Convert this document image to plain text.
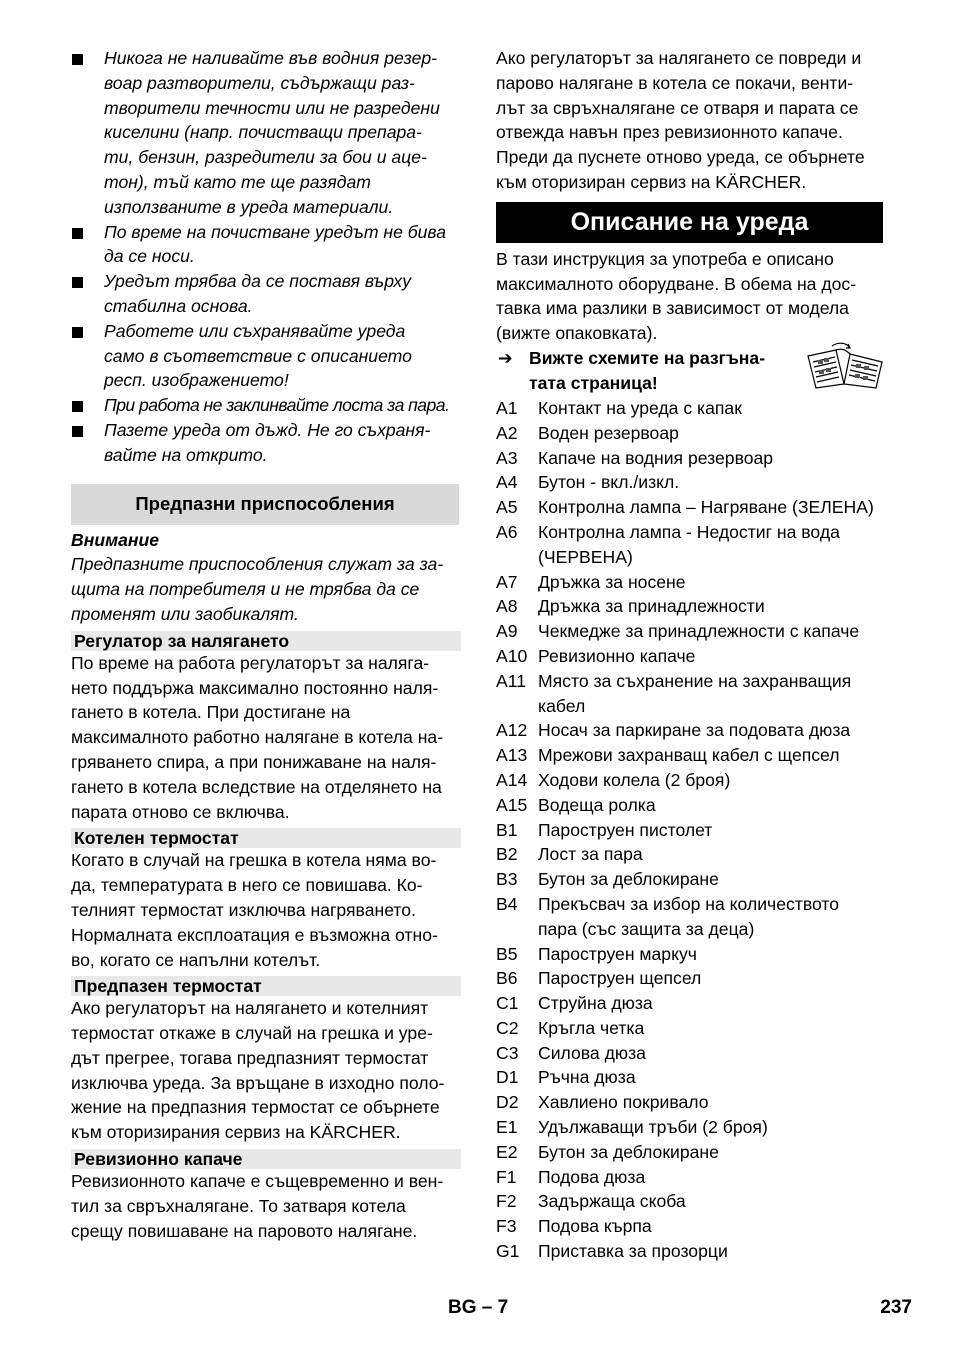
Никога не наливайте във водния резер-
воар разтворители, съдържащи раз-
творители течности или не разредени
киселини (напр. почистващи препара-
ти, бензин, разредители за бои и аце-
тон), тъй като те ще разядат
използваните в уреда материали.
По време на почистване уредът не бива
да се носи.
Уредът трябва да се поставя върху
стабилна основа.
Работете или съхранявайте уреда
само в съответствие с описанието
респ. изображението!
При работа не заклинвайте лоста за пара.
Пазете уреда от дъжд. Не го съхраня-
вайте на открито.
Предпазни приспособления
Внимание

Предпазните приспособления служат за за-
щита на потребителя и не трябва да се
променят или заобикалят.

Регулатор за налягането

По време на работа регулаторът за наляга-
нето поддържа максимално постоянно наля-
гането в котела. При достигане на
максималното работно налягане в котела на-
гряването спира, а при понижаване на наля-
гането в котела вследствие на отделянето на
парата отново се включва.

Котелен термостат

Когато в случай на грешка в котела няма во-
да, температурата в него се повишава. Ко-
телният термостат изключва нагряването.
Нормалната експлоатация е възможна отно-
во, когато се напълни котелът.

Предпазен термостат

Ако регулаторът на налягането и котелният
термостат откаже в случай на грешка и уре-
дът прегрее, тогава предпазният термостат
изключва уреда. За връщане в изходно поло-
жение на предпазния термостат се обърнете
към оторизирания сервиз на KÄRCHER.

Ревизионно капаче

Ревизионното капаче е същевременно и вен-
тил за свръхналягане. То затваря котела
срещу повишаване на паровото налягане.

Ако регулаторът за налягането се повреди и
парово налягане в котела се покачи, венти-
лът за свръхналягане се отваря и парата се
отвежда навън през ревизионното капаче.
Преди да пуснете отново уреда, се обърнете
към оторизиран сервиз на KÄRCHER.

Описание на уреда

В тази инструкция за употреба е описано
максималното оборудване. В обема на дос-
тавка има разлики в зависимост от модела
(вижте опаковката).

➔ Вижте схемите на разгъна-
тата страница!
A1	Контакт на уреда с капак
A2	Воден резервоар
A3	Капаче на водния резервоар
A4	Бутон - вкл./изкл.
A5	Контролна лампа – Нагряване (ЗЕЛЕНА)
A6	Контролна лампа - Недостиг на вода
(ЧЕРВЕНА)
A7	Дръжка за носене
A8	Дръжка за принадлежности
A9	Чекмедже за принадлежности с капаче
A10 Ревизионно капаче
A11 Място за съхранение на захранващия
кабел
A12 Носач за паркиране за подовата дюза
A13 Мрежови захранващ кабел с щепсел
A14 Ходови колела (2 броя)
A15 Водеща ролка
B1	Пароструен пистолет
B2	Лост за пара
B3	Бутон за деблокиране
B4	Прекъсвач за избор на количеството
пара (със защита за деца)
B5	Пароструен маркуч
B6	Пароструен щепсел
C1	Струйна дюза
C2	Кръгла четка
C3	Силова дюза
D1	Ръчна дюза
D2	Хавлиено покривало
E1	Удължаващи тръби (2 броя)
E2	Бутон за деблокиране
F1	Подова дюза
F2	Задържаща скоба
F3	Подова кърпа
G1	Приставка за прозорци
BG – 7	237
